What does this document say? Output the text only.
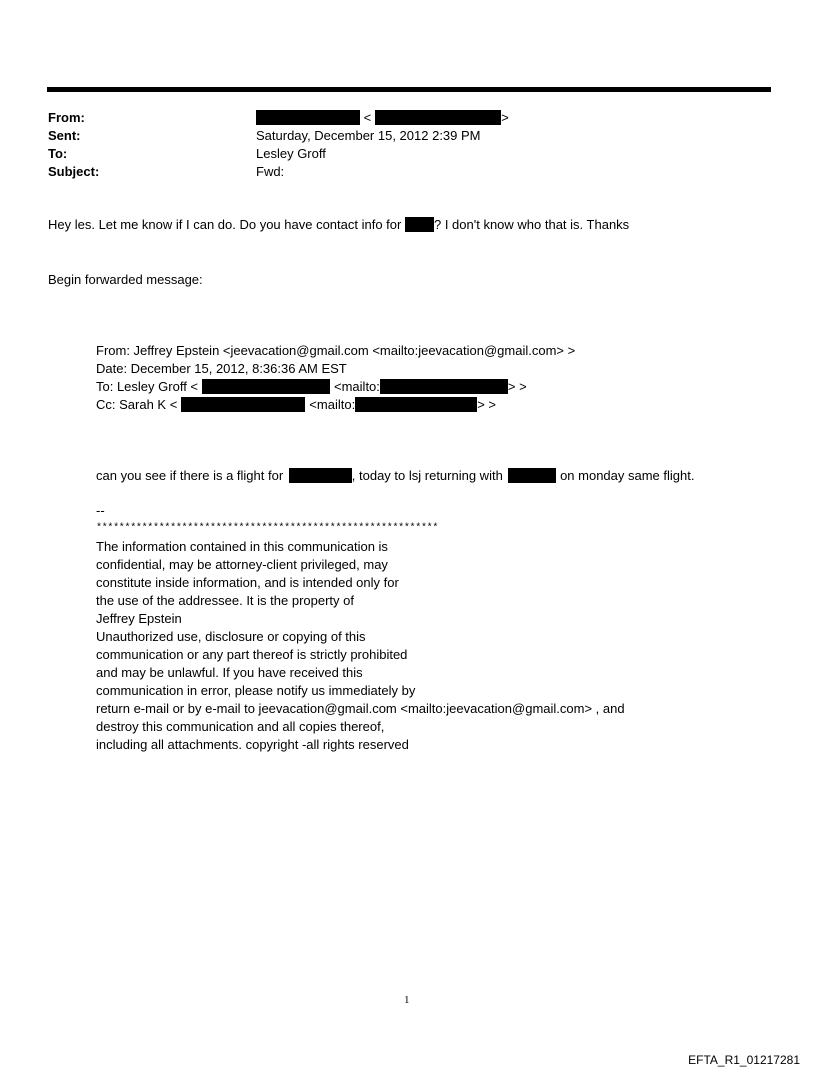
From:	<	>
Sent:	Saturday, December 15, 2012 2:39 PM
To:	Lesley Groff
Subject:	Fwd:
Hey les. Let me know if I can do. Do you have contact info for	? I don't know who that is. Thanks
Begin forwarded message:
From: Jeffrey Epstein <jeevacation@gmail.com <mailto:jeevacation@gmail.com> >
Date: December 15, 2012, 8:36:36 AM EST
To: Lesley Groff <	<mailto:	> >
Cc: Sarah K <	<mailto:	> >
can you see if there is a flight for	, today to lsj returning with	on monday same flight.
--
************************************************************
The information contained in this communication is
confidential, may be attorney-client privileged, may
constitute inside information, and is intended only for
the use of the addressee. It is the property of
Jeffrey Epstein
Unauthorized use, disclosure or copying of this
communication or any part thereof is strictly prohibited
and may be unlawful. If you have received this
communication in error, please notify us immediately by
return e-mail or by e-mail to jeevacation@gmail.com <mailto:jeevacation@gmail.com> , and
destroy this communication and all copies thereof,
including all attachments. copyright -all rights reserved
1
EFTA_R1_01217281
